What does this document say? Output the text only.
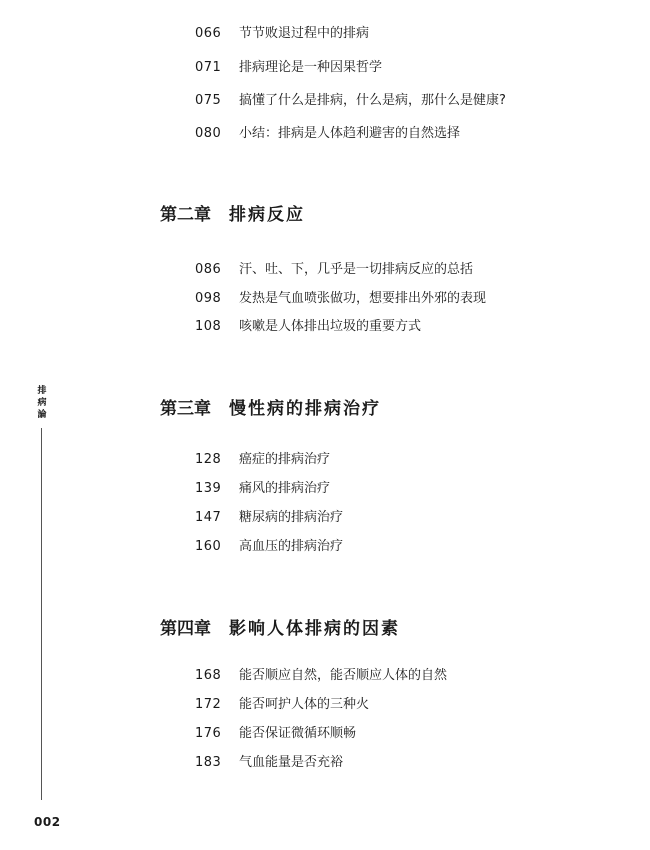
排病論
066 节节败退过程中的排病
071 排病理论是一种因果哲学
075 搞懂了什么是排病，什么是病，那什么是健康?
080 小结：排病是人体趋利避害的自然选择
第二章 排病反应
086 汗、吐、下，几乎是一切排病反应的总括
098 发热是气血喷张做功，想要排出外邪的表现
108 咳嗽是人体排出垃圾的重要方式
第三章 慢性病的排病治疗
128 癌症的排病治疗
139 痛风的排病治疗
147 糖尿病的排病治疗
160 高血压的排病治疗
第四章 影响人体排病的因素
168 能否顺应自然，能否顺应人体的自然
172 能否呵护人体的三种火
176 能否保证微循环顺畅
183 气血能量是否充裕
002
